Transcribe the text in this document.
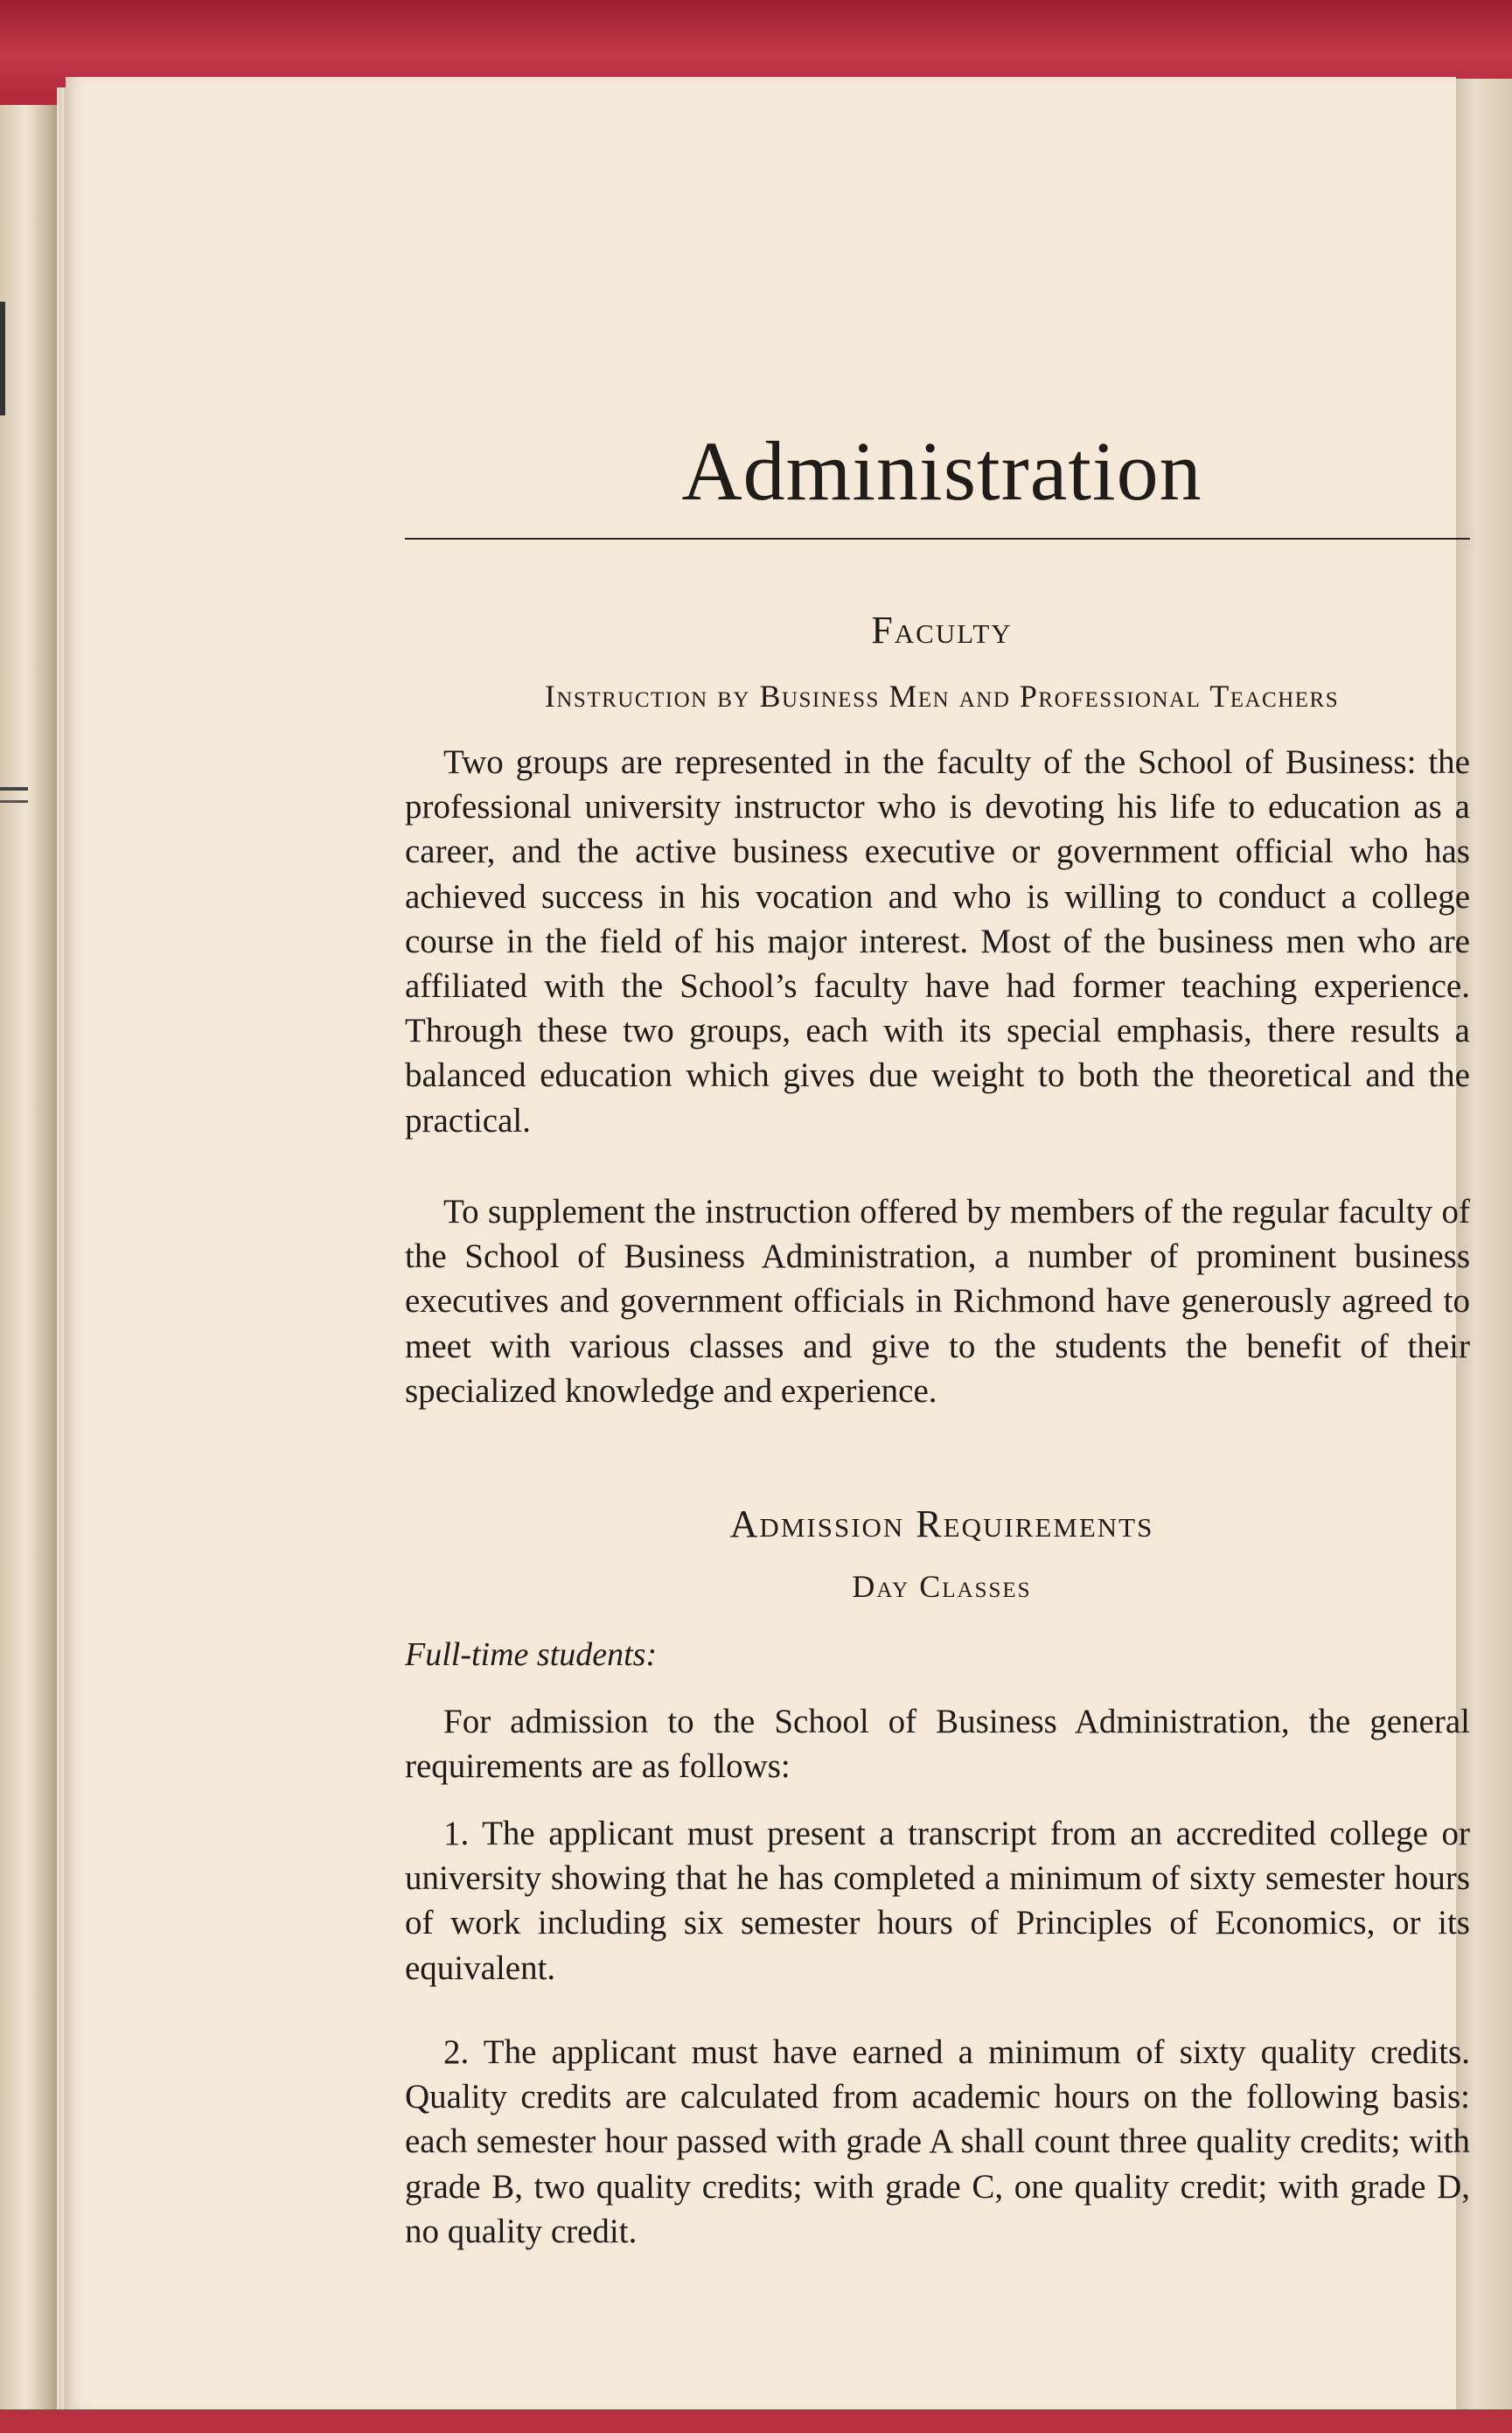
Administration
Faculty
Instruction by Business Men and Professional Teachers

Two groups are represented in the faculty of the School of Business: the professional university instructor who is devoting his life to education as a career, and the active business executive or government official who has achieved success in his vocation and who is willing to conduct a college course in the field of his major interest. Most of the business men who are affiliated with the School’s faculty have had former teaching experience. Through these two groups, each with its special emphasis, there results a balanced education which gives due weight to both the theoretical and the practical.

To supplement the instruction offered by members of the regular faculty of the School of Business Administration, a number of prominent business executives and government officials in Richmond have generously agreed to meet with various classes and give to the students the benefit of their specialized knowledge and experience.

Admission Requirements
Day Classes
Full-time students:

For admission to the School of Business Administration, the general requirements are as follows:

1. The applicant must present a transcript from an accredited college or university showing that he has completed a minimum of sixty semester hours of work including six semester hours of Principles of Economics, or its equivalent.

2. The applicant must have earned a minimum of sixty quality credits. Quality credits are calculated from academic hours on the following basis: each semester hour passed with grade A shall count three quality credits; with grade B, two quality credits; with grade C, one quality credit; with grade D, no quality credit.
